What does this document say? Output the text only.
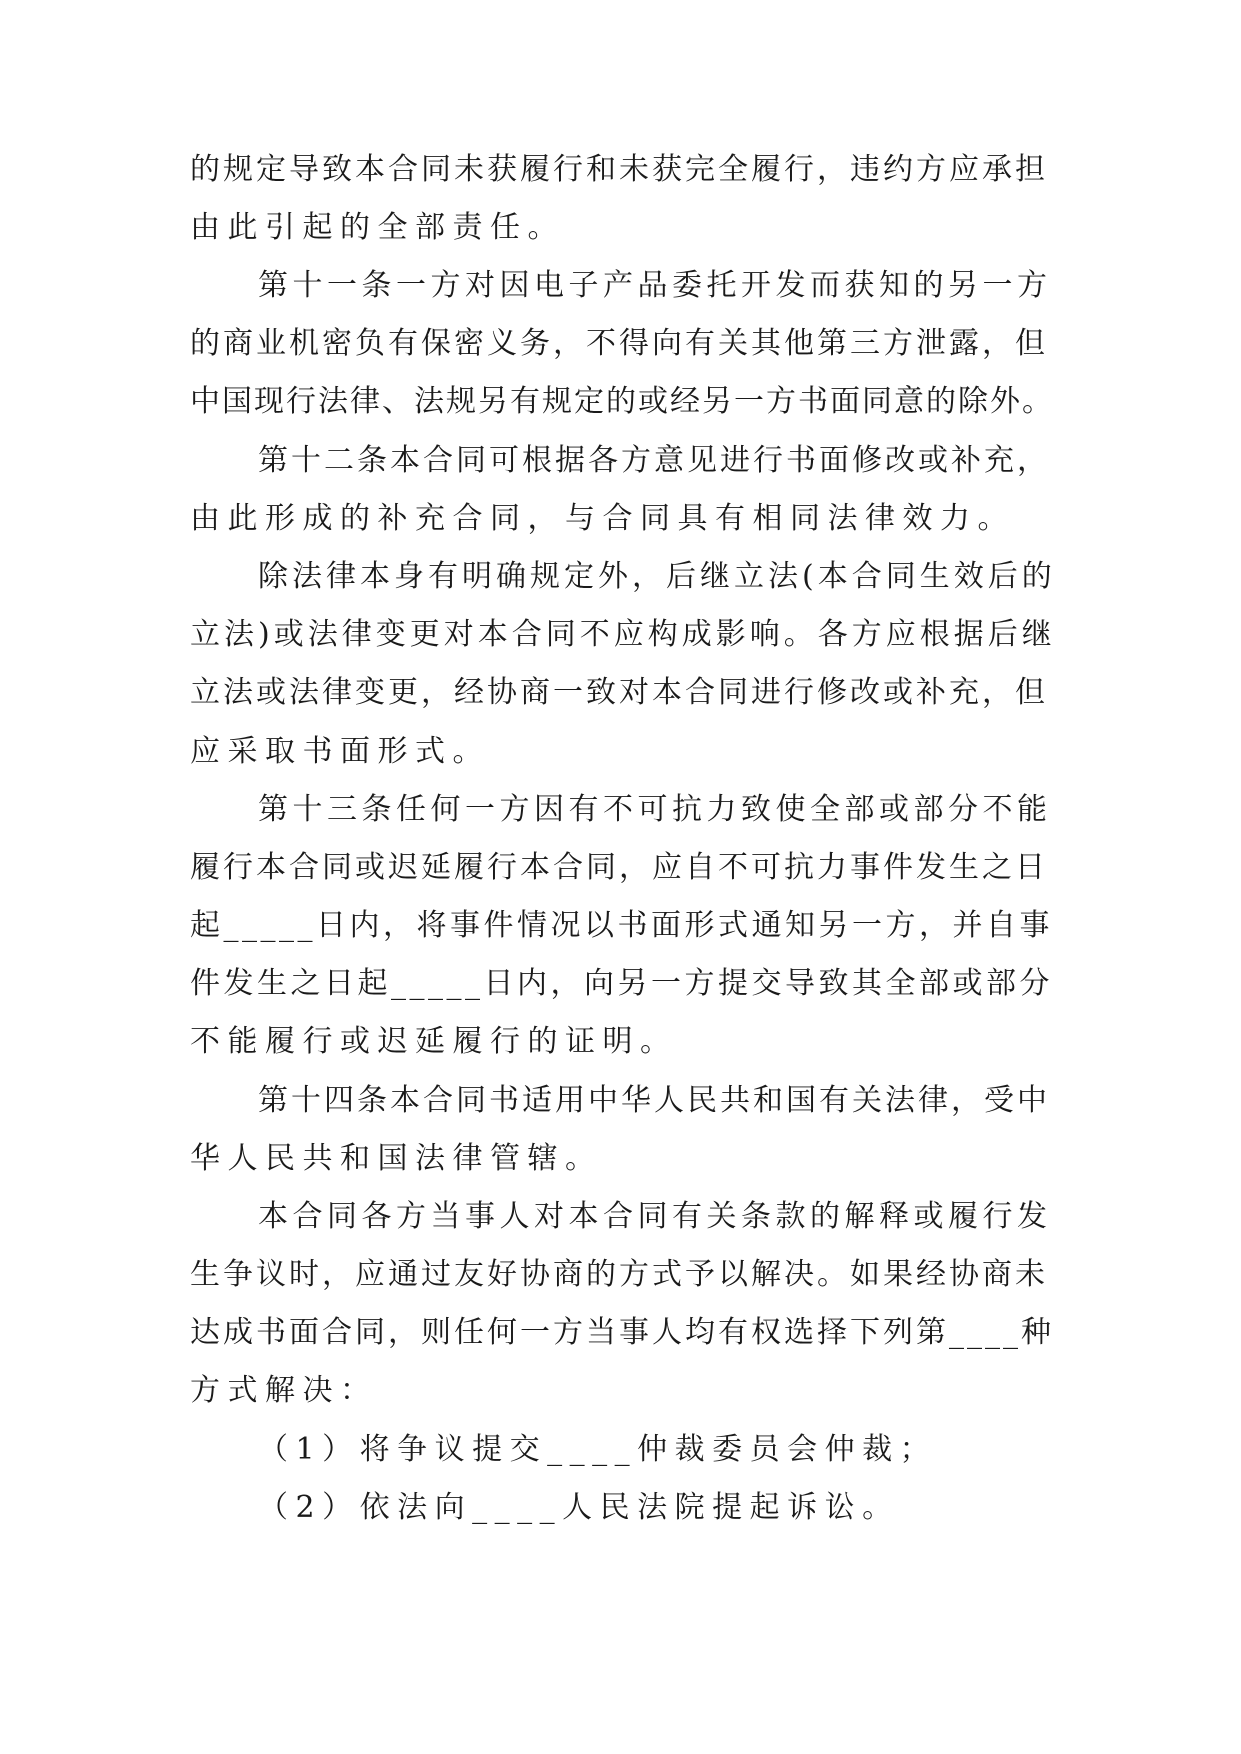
的规定导致本合同未获履行和未获完全履行，违约方应承担
由此引起的全部责任。
第十一条一方对因电子产品委托开发而获知的另一方
的商业机密负有保密义务，不得向有关其他第三方泄露，但
中国现行法律、法规另有规定的或经另一方书面同意的除外。
第十二条本合同可根据各方意见进行书面修改或补充，
由此形成的补充合同，与合同具有相同法律效力。
除法律本身有明确规定外，后继立法(本合同生效后的
立法)或法律变更对本合同不应构成影响。各方应根据后继
立法或法律变更，经协商一致对本合同进行修改或补充，但
应采取书面形式。
第十三条任何一方因有不可抗力致使全部或部分不能
履行本合同或迟延履行本合同，应自不可抗力事件发生之日
起_____日内，将事件情况以书面形式通知另一方，并自事
件发生之日起_____日内，向另一方提交导致其全部或部分
不能履行或迟延履行的证明。
第十四条本合同书适用中华人民共和国有关法律，受中
华人民共和国法律管辖。
本合同各方当事人对本合同有关条款的解释或履行发
生争议时，应通过友好协商的方式予以解决。如果经协商未
达成书面合同，则任何一方当事人均有权选择下列第____种
方式解决：
（1）将争议提交____仲裁委员会仲裁；
（2）依法向____人民法院提起诉讼。
